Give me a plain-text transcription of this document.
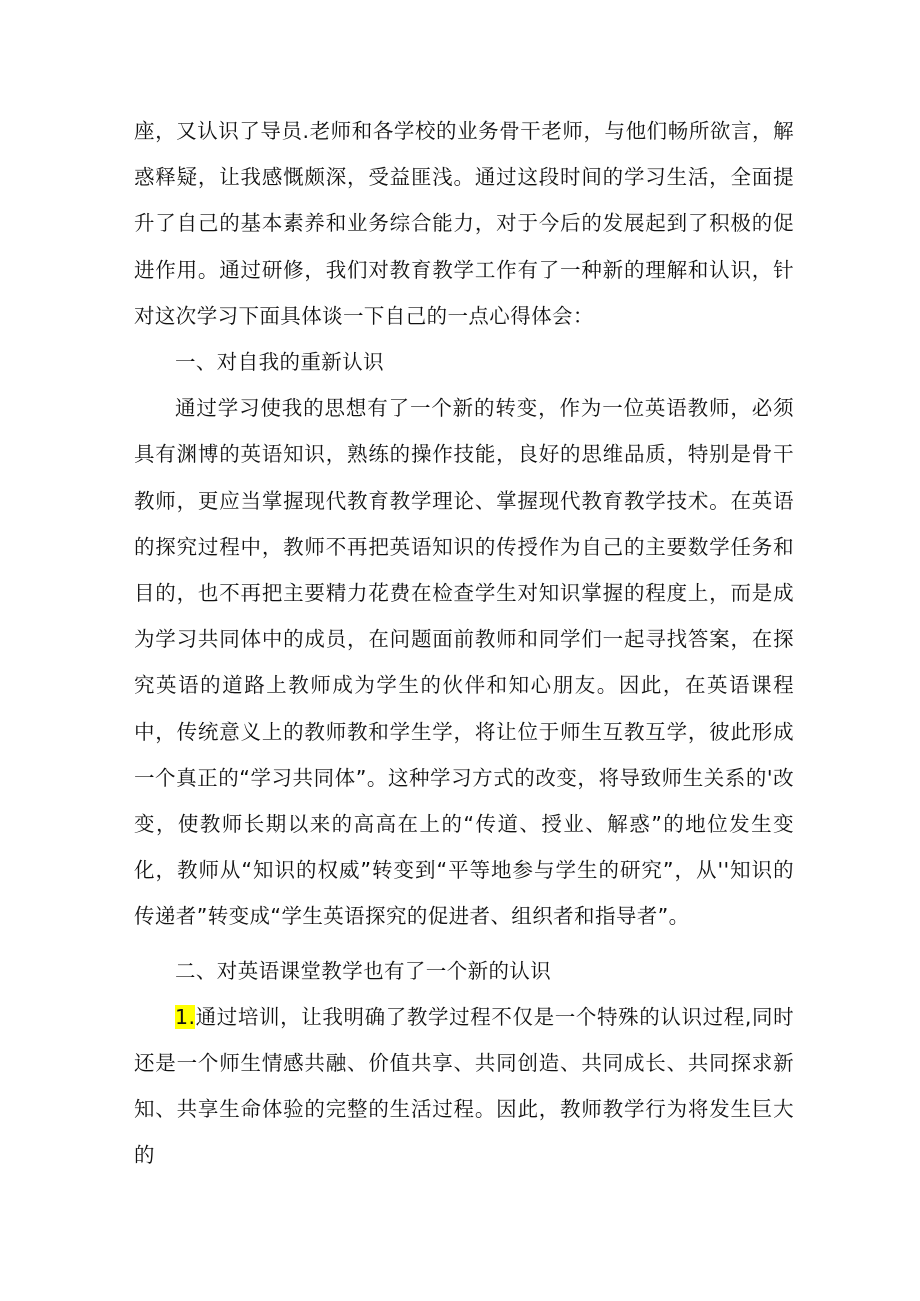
座，又认识了导员.老师和各学校的业务骨干老师，与他们畅所欲言，解惑释疑，让我感慨颇深，受益匪浅。通过这段时间的学习生活，全面提升了自己的基本素养和业务综合能力，对于今后的发展起到了积极的促进作用。通过研修，我们对教育教学工作有了一种新的理解和认识，针对这次学习下面具体谈一下自己的一点心得体会：

一、对自我的重新认识

通过学习使我的思想有了一个新的转变，作为一位英语教师，必须具有渊博的英语知识，熟练的操作技能，良好的思维品质，特别是骨干教师，更应当掌握现代教育教学理论、掌握现代教育教学技术。在英语的探究过程中，教师不再把英语知识的传授作为自己的主要数学任务和目的，也不再把主要精力花费在检查学生对知识掌握的程度上，而是成为学习共同体中的成员，在问题面前教师和同学们一起寻找答案，在探究英语的道路上教师成为学生的伙伴和知心朋友。因此，在英语课程中，传统意义上的教师教和学生学，将让位于师生互教互学，彼此形成一个真正的“学习共同体”。这种学习方式的改变，将导致师生关系的'改变，使教师长期以来的高高在上的“传道、授业、解惑”的地位发生变化，教师从“知识的权威”转变到“平等地参与学生的研究”，从''知识的传递者”转变成“学生英语探究的促进者、组织者和指导者”。

二、对英语课堂教学也有了一个新的认识

1.通过培训，让我明确了教学过程不仅是一个特殊的认识过程,同时还是一个师生情感共融、价值共享、共同创造、共同成长、共同探求新知、共享生命体验的完整的生活过程。因此，教师教学行为将发生巨大的
